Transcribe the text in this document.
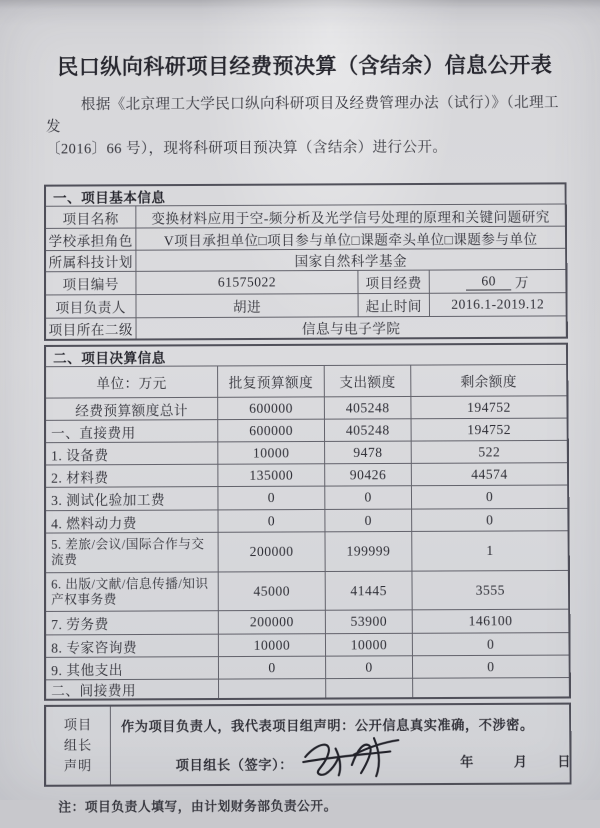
民口纵向科研项目经费预决算（含结余）信息公开表

根据《北京理工大学民口纵向科研项目及经费管理办法（试行）》（北理工发
〔2016〕66 号），现将科研项目预决算（含结余）进行公开。

一、项目基本信息
项目名称	变换材料应用于空-频分析及光学信号处理的原理和关键问题研究
学校承担角色	V项目承担单位□项目参与单位□课题牵头单位□课题参与单位
所属科技计划	国家自然科学基金
项目编号	61575022	项目经费	60
	万
项目负责人	胡进	起止时间	2016.1-2019.12
项目所在二级	信息与电子学院
二、项目决算信息
单位：万元	批复预算额度	支出额度	剩余额度
经费预算额度总计	600000	405248	194752
一、直接费用	600000	405248	194752
1. 设备费	10000	9478	522
2. 材料费	135000	90426	44574
3. 测试化验加工费	0	0	0
4. 燃料动力费	0	0	0
5. 差旅/会议/国际合作与交流费
200000	199999	1
6. 出版/文献/信息传播/知识产权事务费
45000	41445	3555
7. 劳务费	200000	53900	146100
8. 专家咨询费	10000	10000	0
9. 其他支出	0	0	0
二、间接费用
项目
组长
声明
作为项目负责人，我代表项目组声明：公开信息真实准确，不涉密。
项目组长（签字）：	年	月 日

注：项目负责人填写，由计划财务部负责公开。
